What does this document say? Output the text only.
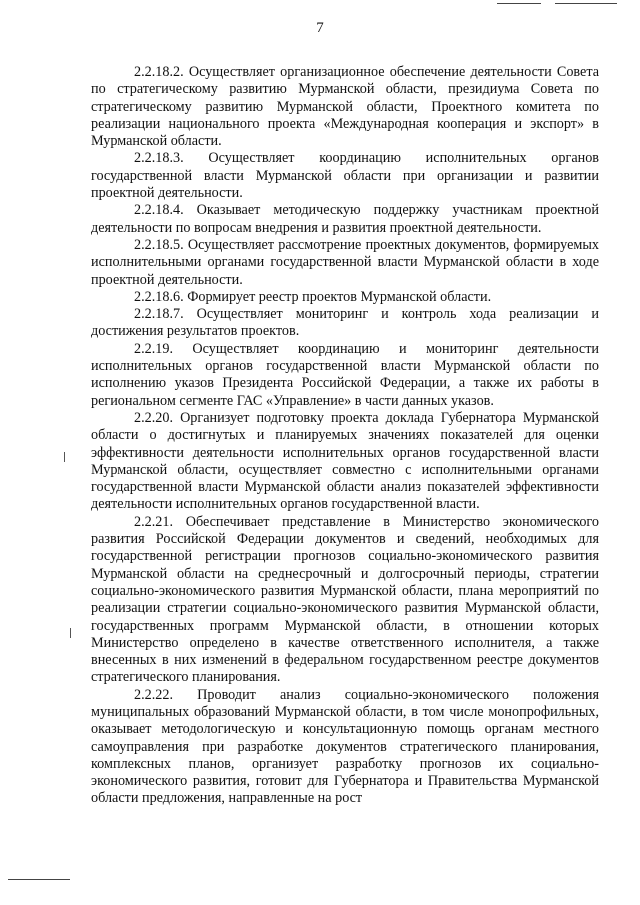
7

2.2.18.2. Осуществляет организационное обеспечение деятельности Совета по стратегическому развитию Мурманской области, президиума Совета по стратегическому развитию Мурманской области, Проектного комитета по реализации национального проекта «Международная кооперация и экспорт» в Мурманской области.

2.2.18.3. Осуществляет координацию исполнительных органов государственной власти Мурманской области при организации и развитии проектной деятельности.

2.2.18.4. Оказывает методическую поддержку участникам проектной деятельности по вопросам внедрения и развития проектной деятельности.

2.2.18.5. Осуществляет рассмотрение проектных документов, формируемых исполнительными органами государственной власти Мурманской области в ходе проектной деятельности.

2.2.18.6. Формирует реестр проектов Мурманской области.

2.2.18.7. Осуществляет мониторинг и контроль хода реализации и достижения результатов проектов.

2.2.19. Осуществляет координацию и мониторинг деятельности исполнительных органов государственной власти Мурманской области по исполнению указов Президента Российской Федерации, а также их работы в региональном сегменте ГАС «Управление» в части данных указов.

2.2.20. Организует подготовку проекта доклада Губернатора Мурманской области о достигнутых и планируемых значениях показателей для оценки эффективности деятельности исполнительных органов государственной власти Мурманской области, осуществляет совместно с исполнительными органами государственной власти Мурманской области анализ показателей эффективности деятельности исполнительных органов государственной власти.

2.2.21. Обеспечивает представление в Министерство экономического развития Российской Федерации документов и сведений, необходимых для государственной регистрации прогнозов социально-экономического развития Мурманской области на среднесрочный и долгосрочный периоды, стратегии социально-экономического развития Мурманской области, плана мероприятий по реализации стратегии социально-экономического развития Мурманской области, государственных программ Мурманской области, в отношении которых Министерство определено в качестве ответственного исполнителя, а также внесенных в них изменений в федеральном государственном реестре документов стратегического планирования.

2.2.22. Проводит анализ социально-экономического положения муниципальных образований Мурманской области, в том числе монопрофильных, оказывает методологическую и консультационную помощь органам местного самоуправления при разработке документов стратегического планирования, комплексных планов, организует разработку прогнозов их социально-экономического развития, готовит для Губернатора и Правительства Мурманской области предложения, направленные на рост
